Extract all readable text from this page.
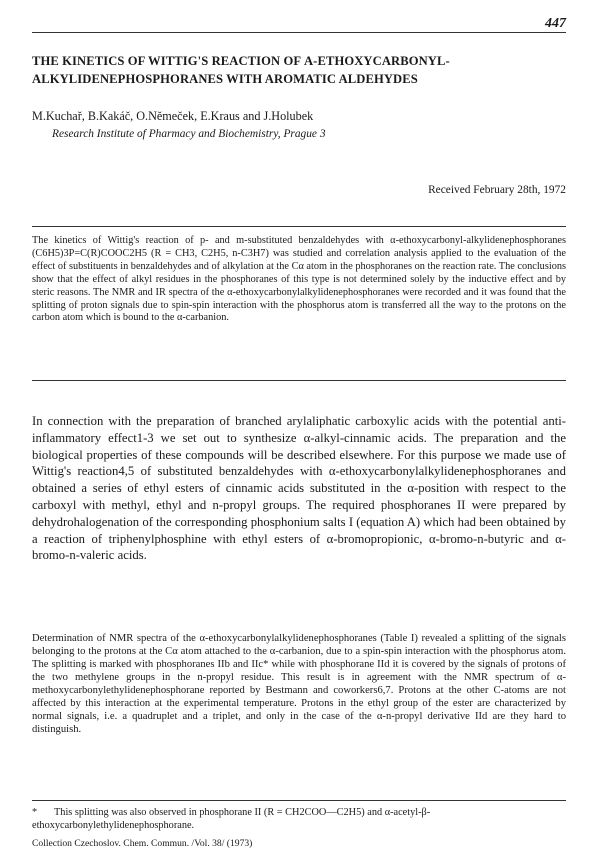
447
THE KINETICS OF WITTIG'S REACTION OF Α-ETHOXYCARBONYL-ALKYLIDENEPHOSPHORANES WITH AROMATIC ALDEHYDES
M.Kuchař, B.Kakáč, O.Němeček, E.Kraus and J.Holubek
Research Institute of Pharmacy and Biochemistry, Prague 3
Received February 28th, 1972

The kinetics of Wittig's reaction of p- and m-substituted benzaldehydes with α-ethoxycarbonyl-alkylidenephosphoranes (C6H5)3P=C(R)COOC2H5 (R = CH3, C2H5, n-C3H7) was studied and correlation analysis applied to the evaluation of the effect of substituents in benzaldehydes and of alkylation at the Cα atom in the phosphoranes on the reaction rate. The conclusions show that the effect of alkyl residues in the phosphoranes of this type is not determined solely by the inductive effect and by steric reasons. The NMR and IR spectra of the α-ethoxycarbonylalkylidenephosphoranes were recorded and it was found that the splitting of proton signals due to spin-spin interaction with the phosphorus atom is transferred all the way to the protons on the carbon atom which is bound to the α-carbanion.

In connection with the preparation of branched arylaliphatic carboxylic acids with the potential anti-inflammatory effect1-3 we set out to synthesize α-alkyl-cinnamic acids. The preparation and the biological properties of these compounds will be described elsewhere. For this purpose we made use of Wittig's reaction4,5 of substituted benzaldehydes with α-ethoxycarbonylalkylidenephosphoranes and obtained a series of ethyl esters of cinnamic acids substituted in the α-position with respect to the carboxyl with methyl, ethyl and n-propyl groups. The required phosphoranes II were prepared by dehydrohalogenation of the corresponding phosphonium salts I (equation A) which had been obtained by a reaction of triphenylphosphine with ethyl esters of α-bromopropionic, α-bromo-n-butyric and α-bromo-n-valeric acids.

Determination of NMR spectra of the α-ethoxycarbonylalkylidenephosphoranes (Table I) revealed a splitting of the signals belonging to the protons at the Cα atom attached to the α-carbanion, due to a spin-spin interaction with the phosphorus atom. The splitting is marked with phosphoranes IIb and IIc* while with phosphorane IId it is covered by the signals of protons of the two methylene groups in the n-propyl residue. This result is in agreement with the NMR spectrum of α-methoxycarbonylethylidenephosphorane reported by Bestmann and coworkers6,7. Protons at the other C-atoms are not affected by this interaction at the experimental temperature. Protons in the ethyl group of the ester are characterized by normal signals, i.e. a quadruplet and a triplet, and only in the case of the α-n-propyl derivative IId are they hard to distinguish.

* This splitting was also observed in phosphorane II (R = CH2COO—C2H5) and α-acetyl-β-ethoxycarbonylethylidenephosphorane.

Collection Czechoslov. Chem. Commun. /Vol. 38/ (1973)
